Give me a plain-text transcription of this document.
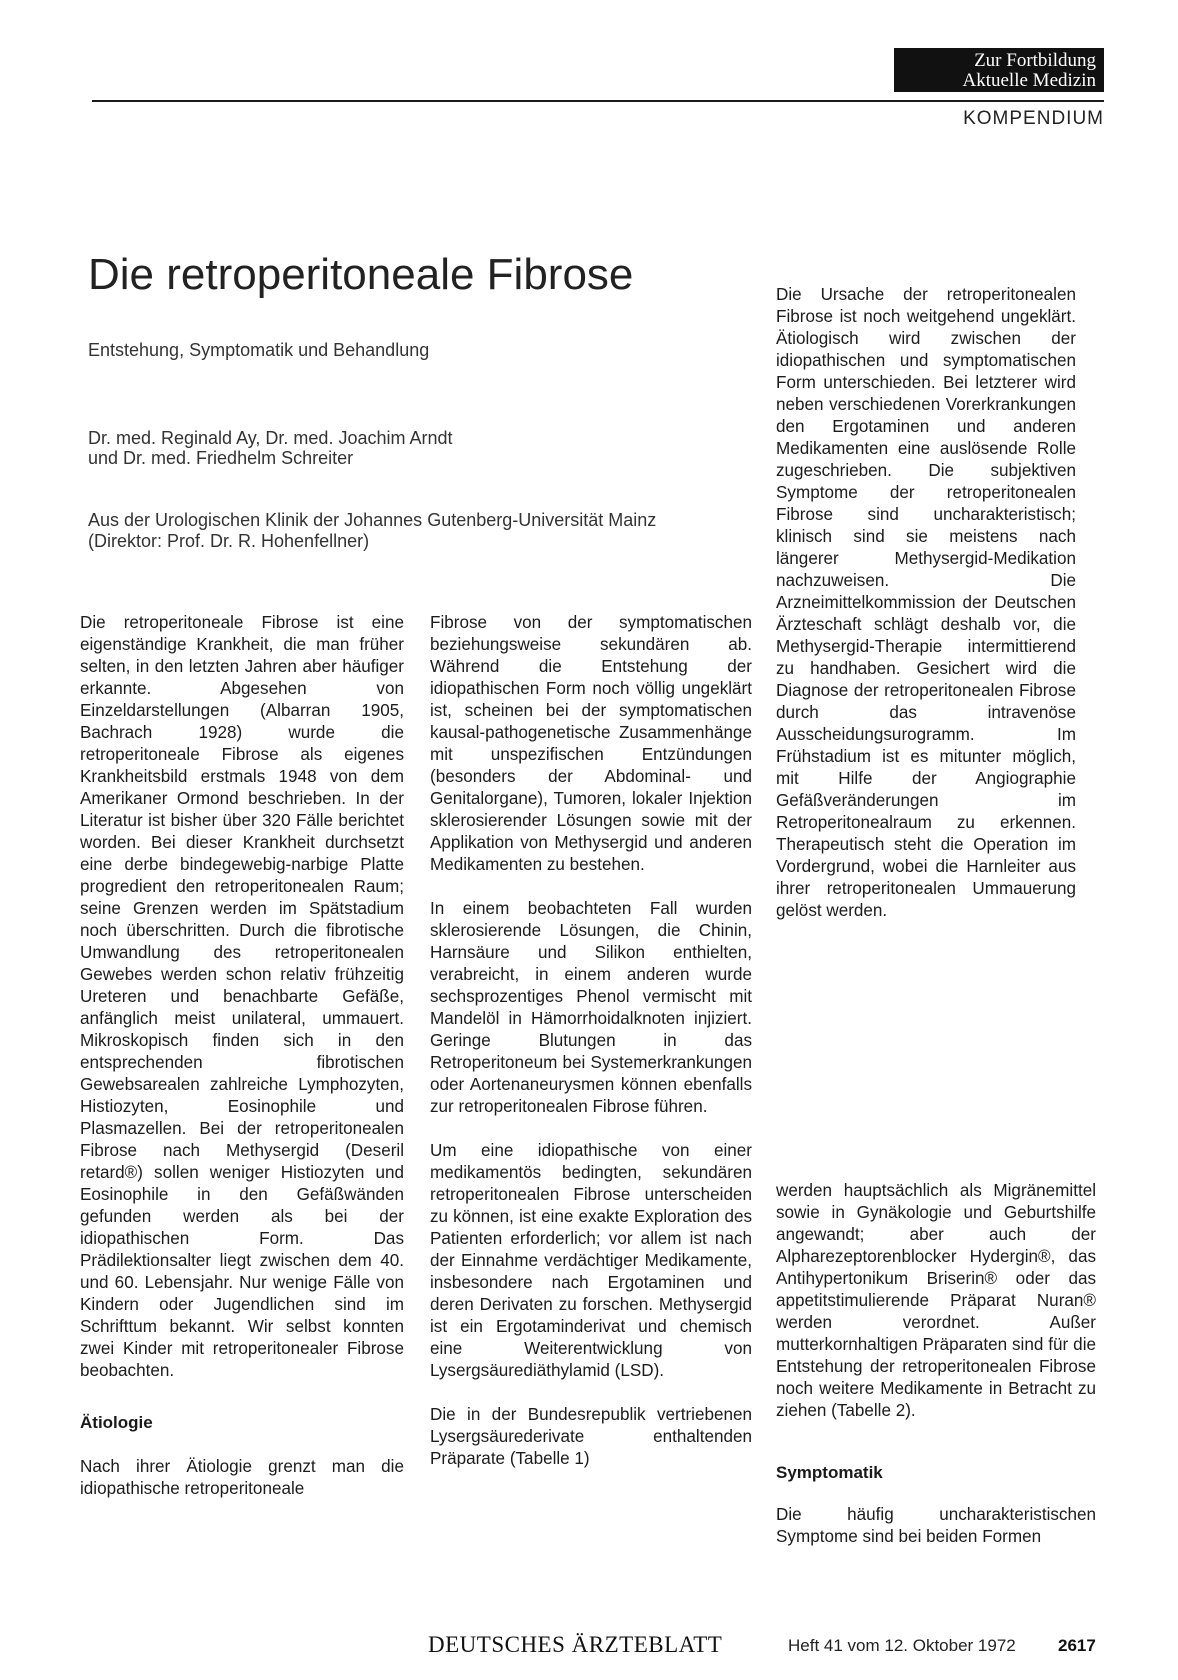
Zur Fortbildung
Aktuelle Medizin
KOMPENDIUM
Die retroperitoneale Fibrose
Entstehung, Symptomatik und Behandlung
Dr. med. Reginald Ay, Dr. med. Joachim Arndt
und Dr. med. Friedhelm Schreiter
Aus der Urologischen Klinik der Johannes Gutenberg-Universität Mainz
(Direktor: Prof. Dr. R. Hohenfellner)

Die retroperitoneale Fibrose ist eine eigenständige Krankheit, die man früher selten, in den letzten Jahren aber häufiger erkannte. Abgesehen von Einzeldarstellungen (Albarran 1905, Bachrach 1928) wurde die retroperitoneale Fibrose als eigenes Krankheitsbild erstmals 1948 von dem Amerikaner Ormond beschrieben. In der Literatur ist bisher über 320 Fälle berichtet worden. Bei dieser Krankheit durchsetzt eine derbe bindegewebig-narbige Platte progredient den retroperitonealen Raum; seine Grenzen werden im Spätstadium noch überschritten. Durch die fibrotische Umwandlung des retroperitonealen Gewebes werden schon relativ frühzeitig Ureteren und benachbarte Gefäße, anfänglich meist unilateral, ummauert. Mikroskopisch finden sich in den entsprechenden fibrotischen Gewebsarealen zahlreiche Lymphozyten, Histiozyten, Eosinophile und Plasmazellen. Bei der retroperitonealen Fibrose nach Methysergid (Deseril retard®) sollen weniger Histiozyten und Eosinophile in den Gefäßwänden gefunden werden als bei der idiopathischen Form. Das Prädilektionsalter liegt zwischen dem 40. und 60. Lebensjahr. Nur wenige Fälle von Kindern oder Jugendlichen sind im Schrifttum bekannt. Wir selbst konnten zwei Kinder mit retroperitonealer Fibrose beobachten.

Ätiologie

Nach ihrer Ätiologie grenzt man die idiopathische retroperitoneale

Fibrose von der symptomatischen beziehungsweise sekundären ab. Während die Entstehung der idiopathischen Form noch völlig ungeklärt ist, scheinen bei der symptomatischen kausal-pathogenetische Zusammenhänge mit unspezifischen Entzündungen (besonders der Abdominal- und Genitalorgane), Tumoren, lokaler Injektion sklerosierender Lösungen sowie mit der Applikation von Methysergid und anderen Medikamenten zu bestehen.

In einem beobachteten Fall wurden sklerosierende Lösungen, die Chinin, Harnsäure und Silikon enthielten, verabreicht, in einem anderen wurde sechsprozentiges Phenol vermischt mit Mandelöl in Hämorrhoidalknoten injiziert. Geringe Blutungen in das Retroperitoneum bei Systemerkrankungen oder Aortenaneurysmen können ebenfalls zur retroperitonealen Fibrose führen.

Um eine idiopathische von einer medikamentös bedingten, sekundären retroperitonealen Fibrose unterscheiden zu können, ist eine exakte Exploration des Patienten erforderlich; vor allem ist nach der Einnahme verdächtiger Medikamente, insbesondere nach Ergotaminen und deren Derivaten zu forschen. Methysergid ist ein Ergotaminderivat und chemisch eine Weiterentwicklung von Lysergsäurediäthylamid (LSD).

Die in der Bundesrepublik vertriebenen Lysergsäurederivate enthaltenden Präparate (Tabelle 1)

Die Ursache der retroperitonealen Fibrose ist noch weitgehend ungeklärt. Ätiologisch wird zwischen der idiopathischen und symptomatischen Form unterschieden. Bei letzterer wird neben verschiedenen Vorerkrankungen den Ergotaminen und anderen Medikamenten eine auslösende Rolle zugeschrieben. Die subjektiven Symptome der retroperitonealen Fibrose sind uncharakteristisch; klinisch sind sie meistens nach längerer Methysergid-Medikation nachzuweisen. Die Arzneimittelkommission der Deutschen Ärzteschaft schlägt deshalb vor, die Methysergid-Therapie intermittierend zu handhaben. Gesichert wird die Diagnose der retroperitonealen Fibrose durch das intravenöse Ausscheidungsurogramm. Im Frühstadium ist es mitunter möglich, mit Hilfe der Angiographie Gefäßveränderungen im Retroperitonealraum zu erkennen. Therapeutisch steht die Operation im Vordergrund, wobei die Harnleiter aus ihrer retroperitonealen Ummauerung gelöst werden.

werden hauptsächlich als Migränemittel sowie in Gynäkologie und Geburtshilfe angewandt; aber auch der Alpharezeptorenblocker Hydergin®, das Antihypertonikum Briserin® oder das appetitstimulierende Präparat Nuran® werden verordnet. Außer mutterkornhaltigen Präparaten sind für die Entstehung der retroperitonealen Fibrose noch weitere Medikamente in Betracht zu ziehen (Tabelle 2).

Symptomatik

Die häufig uncharakteristischen Symptome sind bei beiden Formen

DEUTSCHES ÄRZTEBLATT	Heft 41 vom 12. Oktober 1972 2617
